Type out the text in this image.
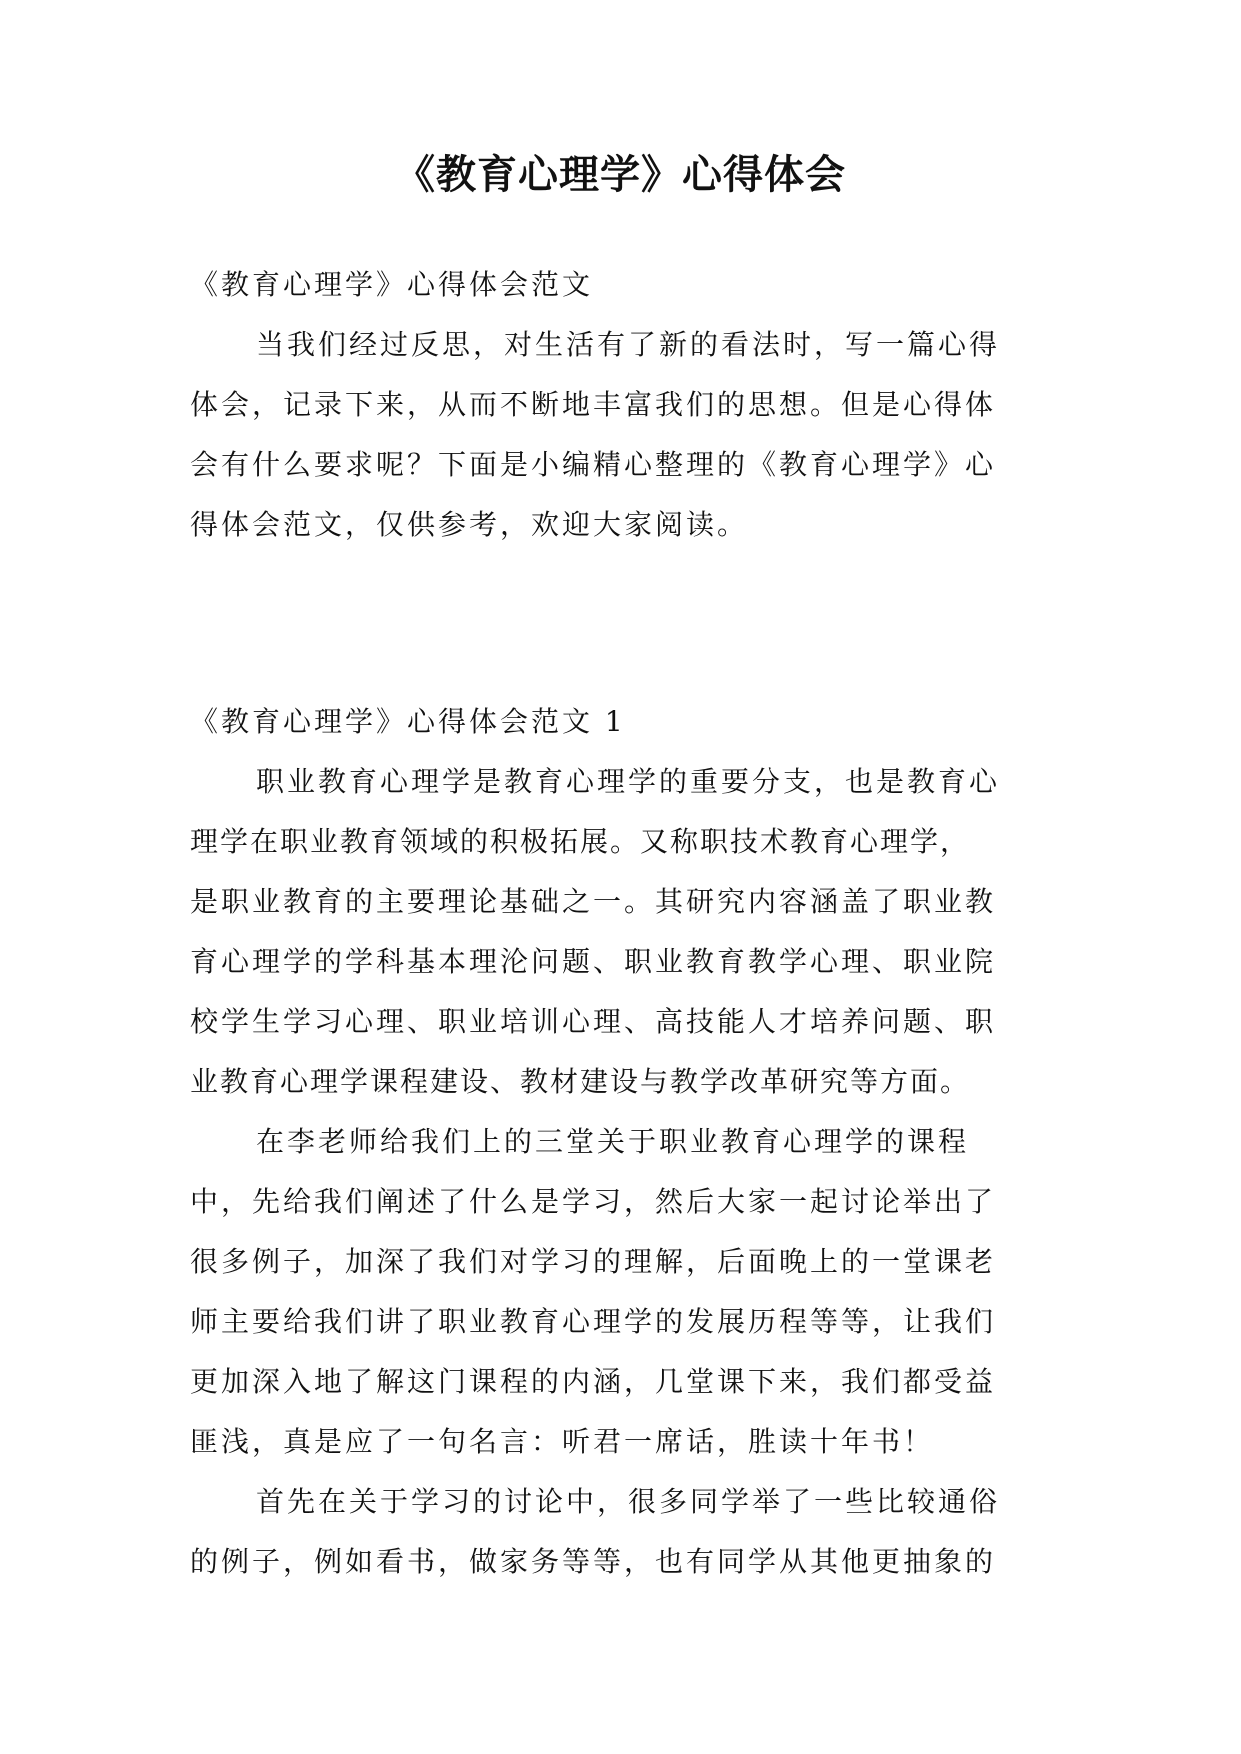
《教育心理学》心得体会
《教育心理学》心得体会范文
当我们经过反思，对生活有了新的看法时，写一篇心得
体会，记录下来，从而不断地丰富我们的思想。但是心得体
会有什么要求呢？下面是小编精心整理的《教育心理学》心
得体会范文，仅供参考，欢迎大家阅读。
《教育心理学》心得体会范文 1
职业教育心理学是教育心理学的重要分支，也是教育心
理学在职业教育领域的积极拓展。又称职技术教育心理学，
是职业教育的主要理论基础之一。其研究内容涵盖了职业教
育心理学的学科基本理沦问题、职业教育教学心理、职业院
校学生学习心理、职业培训心理、高技能人才培养问题、职
业教育心理学课程建设、教材建设与教学改革研究等方面。
在李老师给我们上的三堂关于职业教育心理学的课程
中，先给我们阐述了什么是学习，然后大家一起讨论举出了
很多例子，加深了我们对学习的理解，后面晚上的一堂课老
师主要给我们讲了职业教育心理学的发展历程等等，让我们
更加深入地了解这门课程的内涵，几堂课下来，我们都受益
匪浅，真是应了一句名言：听君一席话，胜读十年书！
首先在关于学习的讨论中，很多同学举了一些比较通俗
的例子，例如看书，做家务等等，也有同学从其他更抽象的
